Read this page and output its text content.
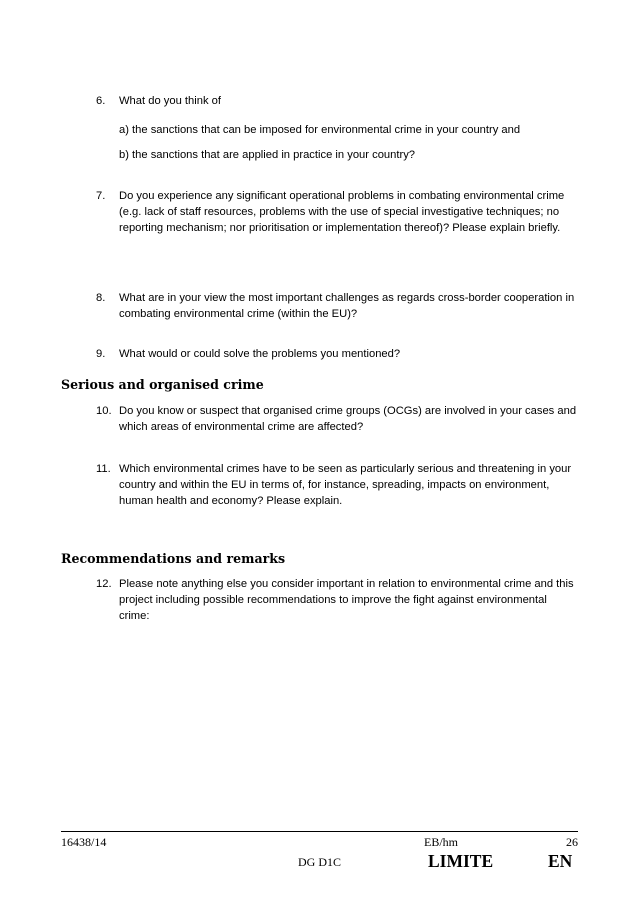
6. What do you think of
a) the sanctions that can be imposed for environmental crime in your country and
b) the sanctions that are applied in practice in your country?
7. Do you experience any significant operational problems in combating environmental crime (e.g. lack of staff resources, problems with the use of special investigative techniques; no reporting mechanism; nor prioritisation or implementation thereof)? Please explain briefly.
8. What are in your view the most important challenges as regards cross-border cooperation in combating environmental crime (within the EU)?
9. What would or could solve the problems you mentioned?
Serious and organised crime
10. Do you know or suspect that organised crime groups (OCGs) are involved in your cases and which areas of environmental crime are affected?
11. Which environmental crimes have to be seen as particularly serious and threatening in your country and within the EU in terms of, for instance, spreading, impacts on environment, human health and economy? Please explain.
Recommendations and remarks
12. Please note anything else you consider important in relation to environmental crime and this project including possible recommendations to improve the fight against environmental crime:
16438/14	EB/hm	26
DG D1C	LIMITE	EN
